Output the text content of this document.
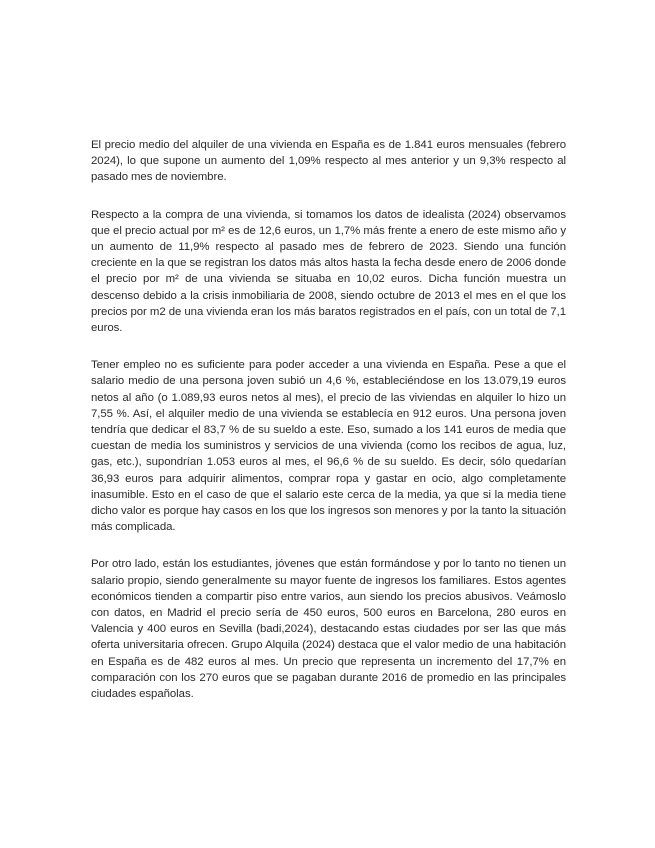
El precio medio del alquiler de una vivienda en España es de 1.841 euros mensuales (febrero 2024), lo que supone un aumento del 1,09% respecto al mes anterior y un 9,3% respecto al pasado mes de noviembre.

Respecto a la compra de una vivienda, si tomamos los datos de idealista (2024) observamos que el precio actual por m² es de 12,6 euros, un 1,7% más frente a enero de este mismo año y un aumento de 11,9% respecto al pasado mes de febrero de 2023. Siendo una función creciente en la que se registran los datos más altos hasta la fecha desde enero de 2006 donde el precio por m² de una vivienda se situaba en 10,02 euros. Dicha función muestra un descenso debido a la crisis inmobiliaria de 2008, siendo octubre de 2013 el mes en el que los precios por m2 de una vivienda eran los más baratos registrados en el país, con un total de 7,1 euros.

Tener empleo no es suficiente para poder acceder a una vivienda en España. Pese a que el salario medio de una persona joven subió un 4,6 %, estableciéndose en los 13.079,19 euros netos al año (o 1.089,93 euros netos al mes), el precio de las viviendas en alquiler lo hizo un 7,55 %. Así, el alquiler medio de una vivienda se establecía en 912 euros. Una persona joven tendría que dedicar el 83,7 % de su sueldo a este. Eso, sumado a los 141 euros de media que cuestan de media los suministros y servicios de una vivienda (como los recibos de agua, luz, gas, etc.), supondrían 1.053 euros al mes, el 96,6 % de su sueldo. Es decir, sólo quedarían 36,93 euros para adquirir alimentos, comprar ropa y gastar en ocio, algo completamente inasumible. Esto en el caso de que el salario este cerca de la media, ya que si la media tiene dicho valor es porque hay casos en los que los ingresos son menores y por la tanto la situación más complicada.

Por otro lado, están los estudiantes, jóvenes que están formándose y por lo tanto no tienen un salario propio, siendo generalmente su mayor fuente de ingresos los familiares. Estos agentes económicos tienden a compartir piso entre varios, aun siendo los precios abusivos. Veámoslo con datos, en Madrid el precio sería de 450 euros, 500 euros en Barcelona, 280 euros en Valencia y 400 euros en Sevilla (badi,2024), destacando estas ciudades por ser las que más oferta universitaria ofrecen. Grupo Alquila (2024) destaca que el valor medio de una habitación en España es de 482 euros al mes. Un precio que representa un incremento del 17,7% en comparación con los 270 euros que se pagaban durante 2016 de promedio en las principales ciudades españolas.
